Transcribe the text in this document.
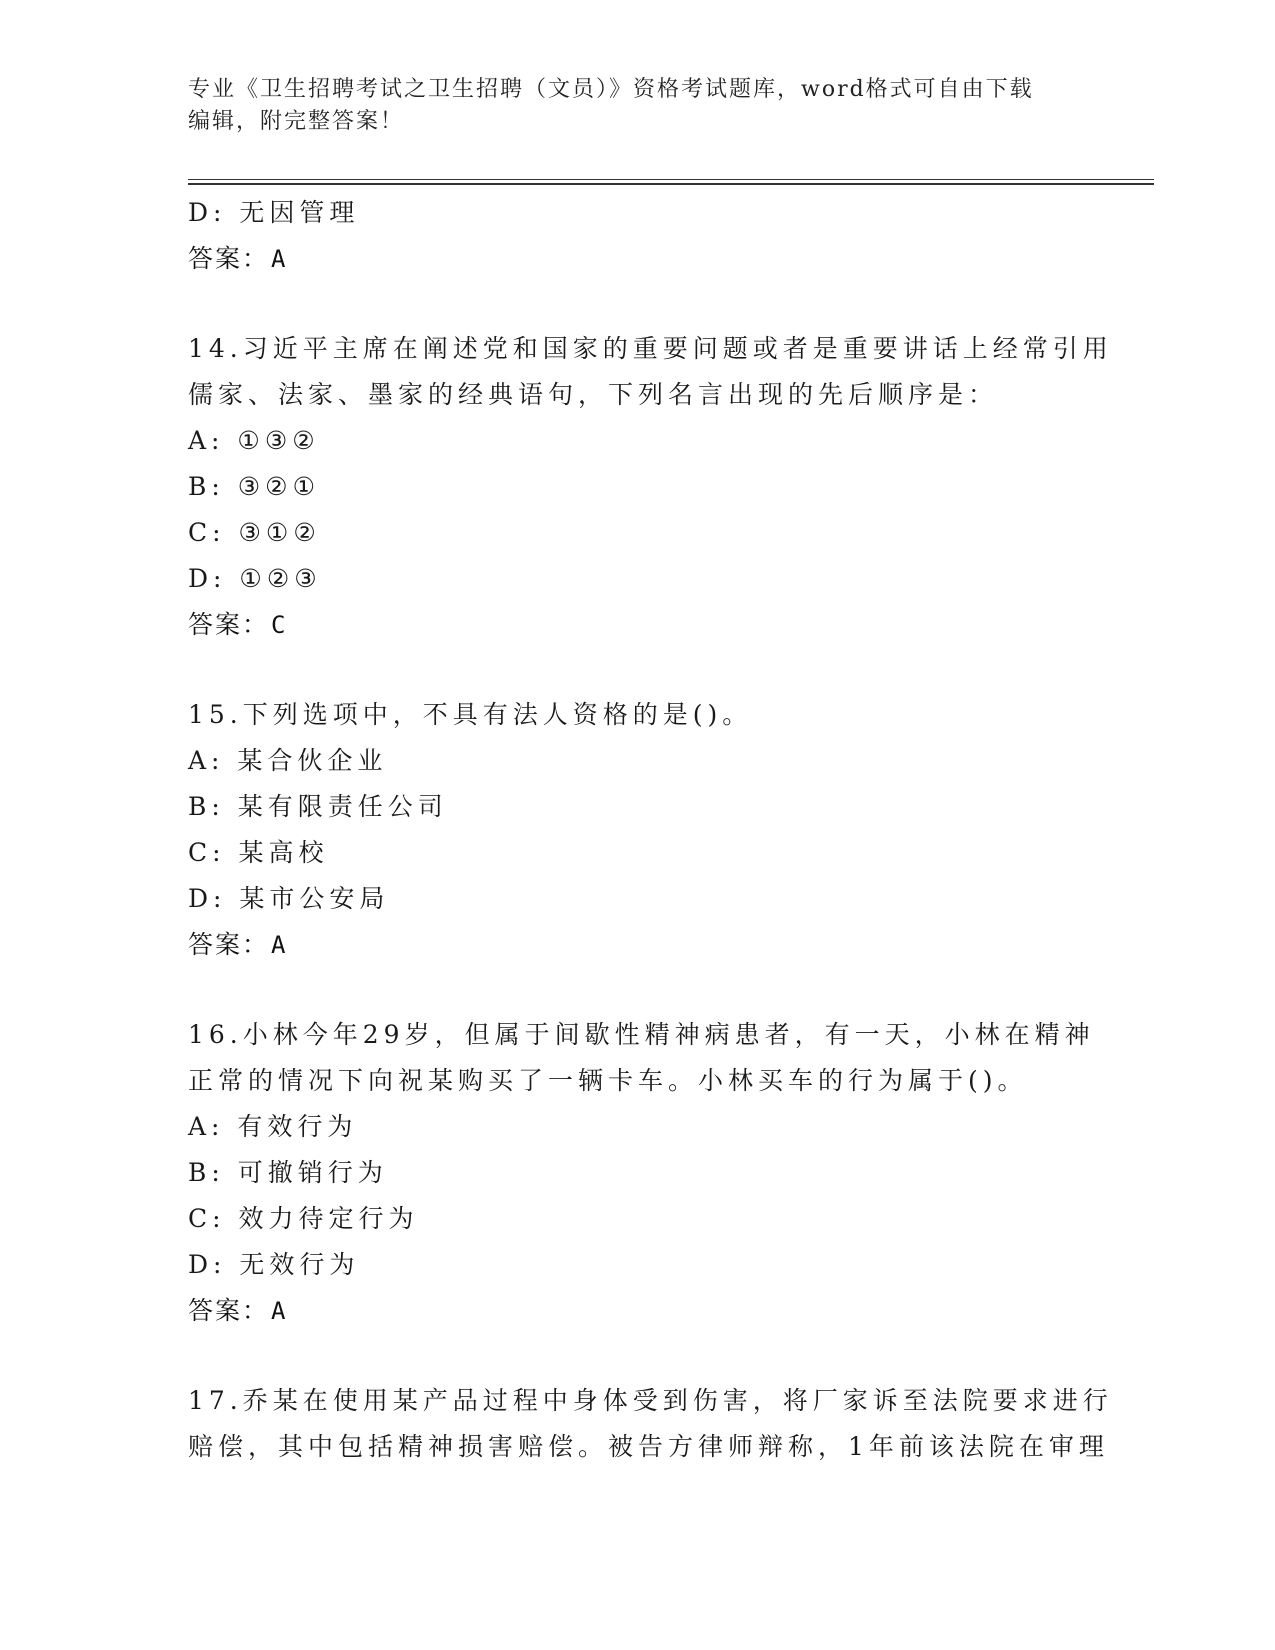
专业《卫生招聘考试之卫生招聘（文员）》资格考试题库，word格式可自由下载
编辑，附完整答案！
D: 无因管理
答案：A
14.习近平主席在阐述党和国家的重要问题或者是重要讲话上经常引用
儒家、法家、墨家的经典语句，下列名言出现的先后顺序是：
A: ①③②
B: ③②①
C: ③①②
D: ①②③
答案：C
15.下列选项中，不具有法人资格的是()。
A: 某合伙企业
B: 某有限责任公司
C: 某高校
D: 某市公安局
答案：A
16.小林今年29岁，但属于间歇性精神病患者，有一天，小林在精神
正常的情况下向祝某购买了一辆卡车。小林买车的行为属于()。
A: 有效行为
B: 可撤销行为
C: 效力待定行为
D: 无效行为
答案：A
17.乔某在使用某产品过程中身体受到伤害，将厂家诉至法院要求进行
赔偿，其中包括精神损害赔偿。被告方律师辩称，1年前该法院在审理
